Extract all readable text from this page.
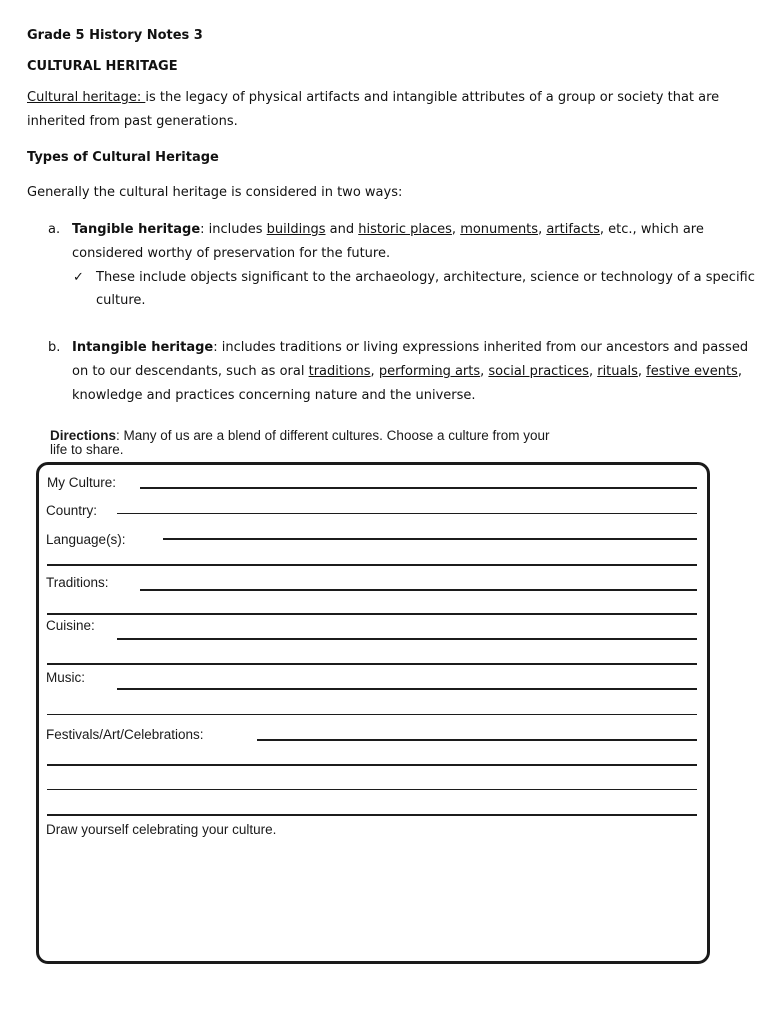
Grade 5 History Notes 3
CULTURAL HERITAGE
Cultural heritage: is the legacy of physical artifacts and intangible attributes of a group or society that are
inherited from past generations.
Types of Cultural Heritage
Generally the cultural heritage is considered in two ways:
a. Tangible heritage: includes buildings and historic places, monuments, artifacts, etc., which are
considered worthy of preservation for the future.
✓ These include objects significant to the archaeology, architecture, science or technology of a specific
culture.
b. Intangible heritage: includes traditions or living expressions inherited from our ancestors and passed
on to our descendants, such as oral traditions, performing arts, social practices, rituals, festive events,
knowledge and practices concerning nature and the universe.
Directions: Many of us are a blend of different cultures. Choose a culture from your
life to share.
My Culture:
Country:
Language(s):
Traditions:
Cuisine:
Music:
Festivals/Art/Celebrations:
Draw yourself celebrating your culture.
